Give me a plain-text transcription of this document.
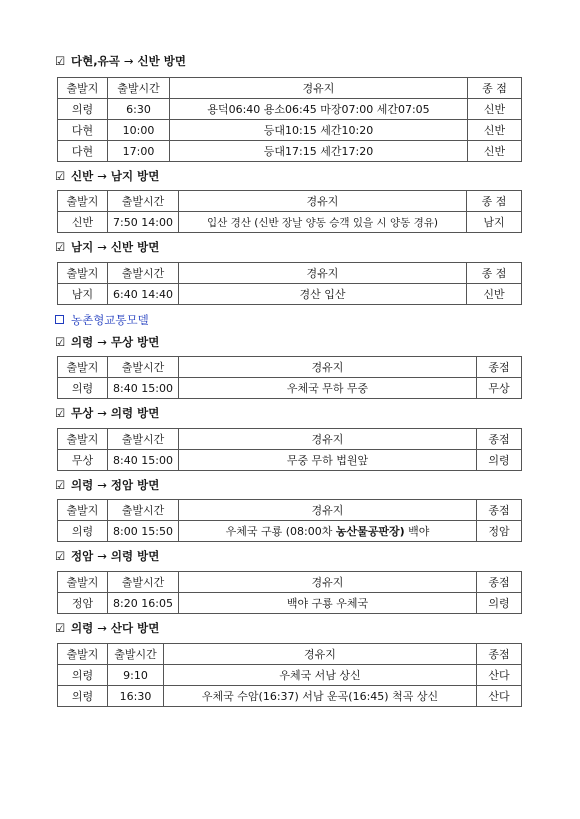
☑ 다현,유곡 → 신반 방면
출발지	출발시간	경유지	종 점
의령	6:30	용덕06:40 용소06:45 마장07:00 세간07:05	신반
다현	10:00	등대10:15 세간10:20	신반
다현	17:00	등대17:15 세간17:20	신반
☑ 신반 → 남지 방면
출발지	출발시간	경유지	종 점
신반	7:50 14:00	입산 경산 (신반 장날 양동 승객 있을 시 양동 경유)	남지
☑ 남지 → 신반 방면
출발지	출발시간	경유지	종 점
남지	6:40 14:40	경산 입산	신반
농촌형교통모델
☑ 의령 → 무상 방면
출발지	출발시간	경유지	종점
의령	8:40 15:00	우체국 무하 무중	무상
☑ 무상 → 의령 방면
출발지	출발시간	경유지	종점
무상	8:40 15:00	무중 무하 법원앞	의령
☑ 의령 → 정암 방면
출발지	출발시간	경유지	종점
의령	8:00 15:50	우체국 구룡 (08:00차 농산물공판장) 백야	정암
☑ 정암 → 의령 방면
출발지	출발시간	경유지	종점
정암	8:20 16:05	백야 구룡 우체국	의령
☑ 의령 → 산다 방면
출발지	출발시간	경유지	종점
의령	9:10	우체국 서남 상신	산다
의령	16:30	우체국 수암(16:37) 서남 운곡(16:45) 척곡 상신	산다
